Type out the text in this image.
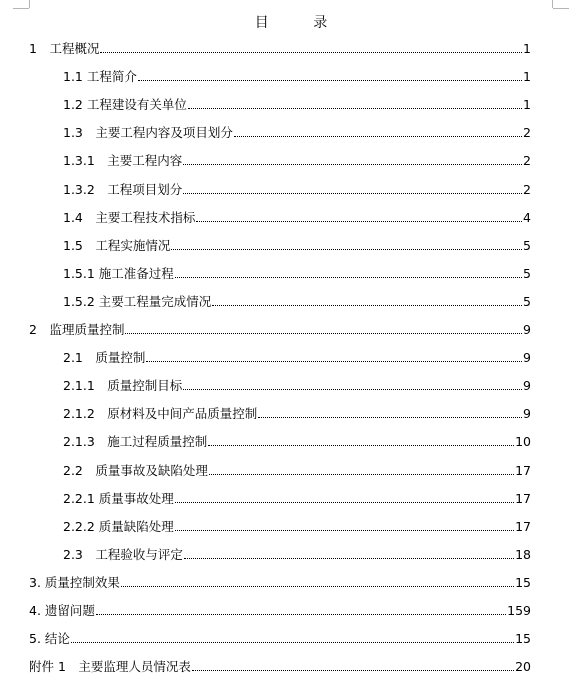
目 录
1　工程概况	1
1.1 工程简介	1
1.2 工程建设有关单位	1
1.3　主要工程内容及项目划分	2
1.3.1　主要工程内容	2
1.3.2　工程项目划分	2
1.4　主要工程技术指标	4
1.5　工程实施情况	5
1.5.1 施工准备过程	5
1.5.2 主要工程量完成情况	5
2　监理质量控制	9
2.1　质量控制	9
2.1.1　质量控制目标	9
2.1.2　原材料及中间产品质量控制	9
2.1.3　施工过程质量控制	10
2.2　质量事故及缺陷处理	17
2.2.1 质量事故处理	17
2.2.2 质量缺陷处理	17
2.3　工程验收与评定	18
3. 质量控制效果	15
4. 遗留问题	159
5. 结论	15
附件 1　主要监理人员情况表	20
